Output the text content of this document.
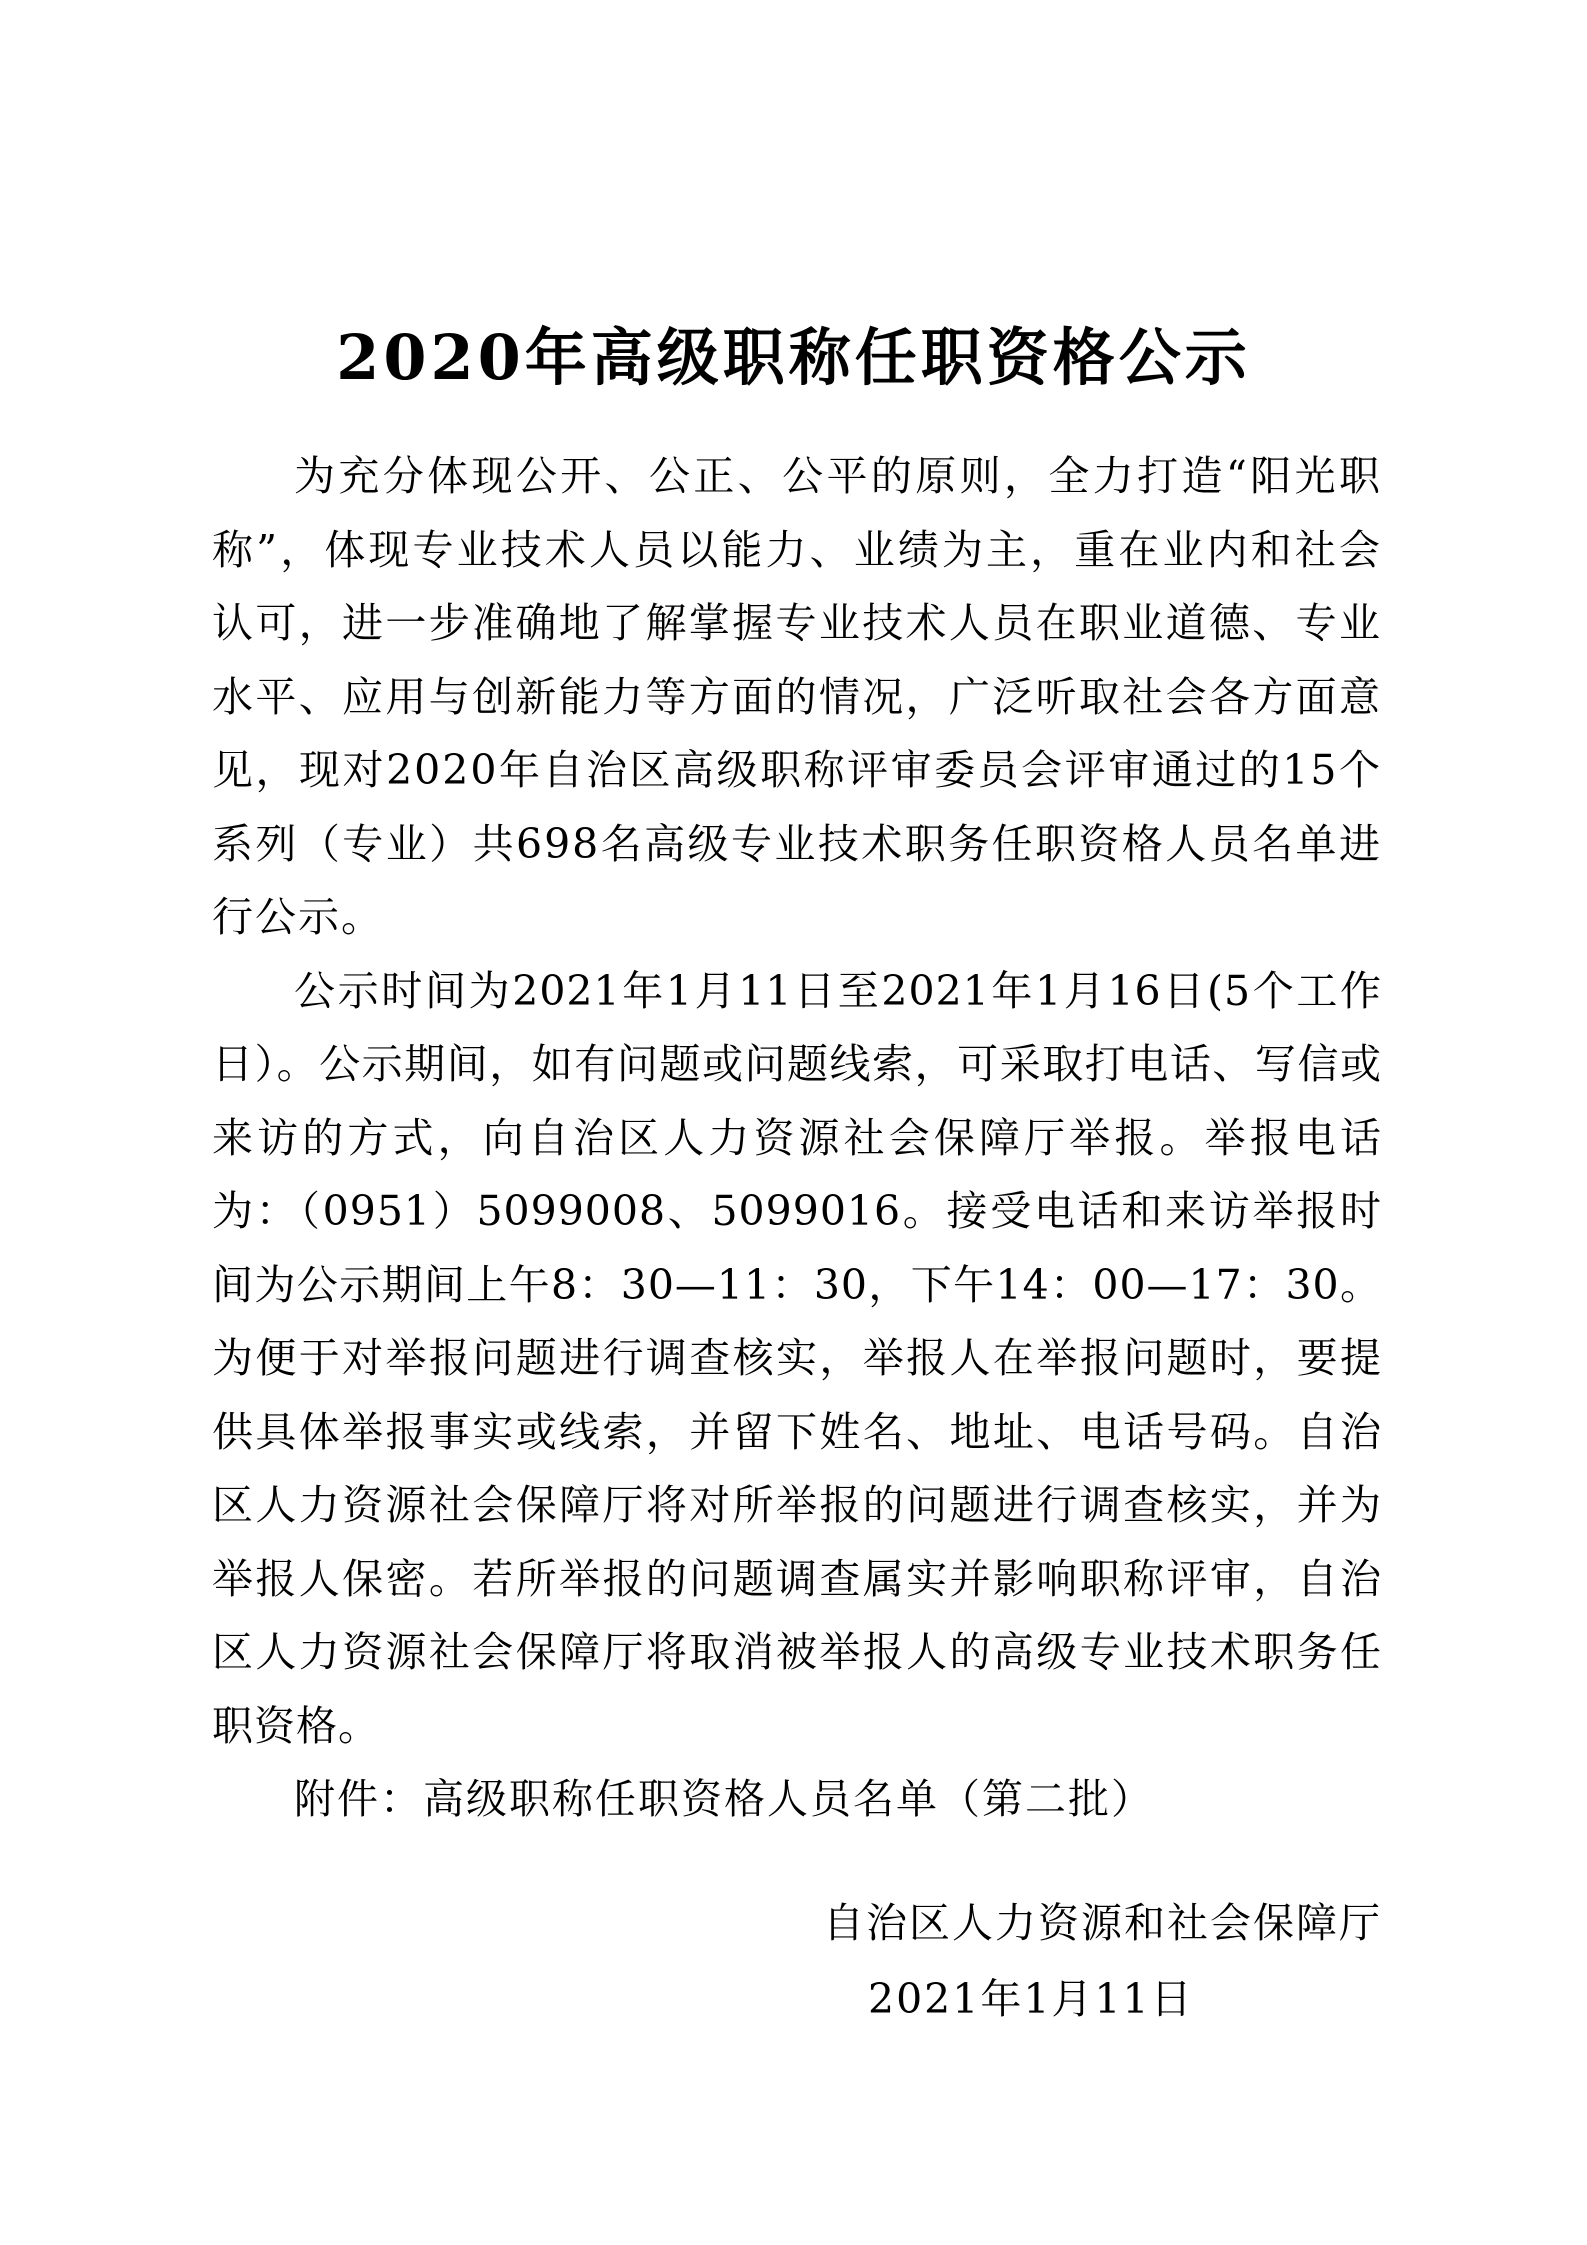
2020年高级职称任职资格公示

为充分体现公开、公正、公平的原则，全力打造“阳光职称”，体现专业技术人员以能力、业绩为主，重在业内和社会认可，进一步准确地了解掌握专业技术人员在职业道德、专业水平、应用与创新能力等方面的情况，广泛听取社会各方面意见，现对2020年自治区高级职称评审委员会评审通过的15个系列（专业）共698名高级专业技术职务任职资格人员名单进行公示。

公示时间为2021年1月11日至2021年1月16日(5个工作日）。公示期间，如有问题或问题线索，可采取打电话、写信或来访的方式，向自治区人力资源社会保障厅举报。举报电话为：（0951）5099008、5099016。接受电话和来访举报时间为公示期间上午8：30—11：30，下午14：00—17：30。为便于对举报问题进行调查核实，举报人在举报问题时，要提供具体举报事实或线索，并留下姓名、地址、电话号码。自治区人力资源社会保障厅将对所举报的问题进行调查核实，并为举报人保密。若所举报的问题调查属实并影响职称评审，自治区人力资源社会保障厅将取消被举报人的高级专业技术职务任职资格。

附件：高级职称任职资格人员名单（第二批）

自治区人力资源和社会保障厅
2021年1月11日
